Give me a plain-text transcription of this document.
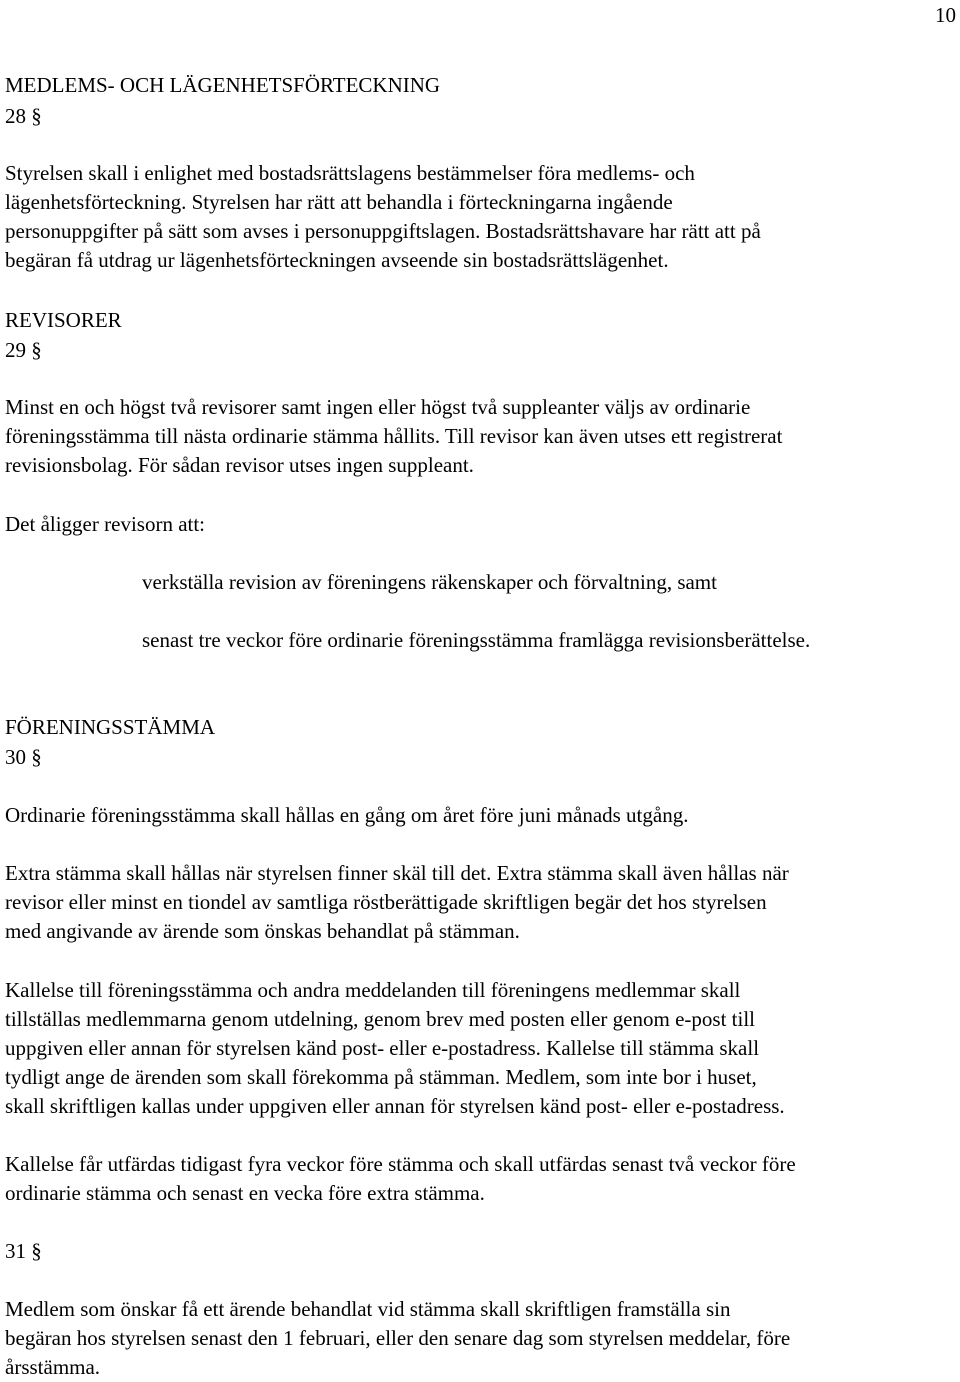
10
MEDLEMS- OCH LÄGENHETSFÖRTECKNING
28 §
Styrelsen skall i enlighet med bostadsrättslagens bestämmelser föra medlems- och
lägenhetsförteckning. Styrelsen har rätt att behandla i förteckningarna ingående
personuppgifter på sätt som avses i personuppgiftslagen. Bostadsrättshavare har rätt att på
begäran få utdrag ur lägenhetsförteckningen avseende sin bostadsrättslägenhet.
REVISORER
29 §
Minst en och högst två revisorer samt ingen eller högst två suppleanter väljs av ordinarie
föreningsstämma till nästa ordinarie stämma hållits. Till revisor kan även utses ett registrerat
revisionsbolag. För sådan revisor utses ingen suppleant.
Det åligger revisorn att:
verkställa revision av föreningens räkenskaper och förvaltning, samt
senast tre veckor före ordinarie föreningsstämma framlägga revisionsberättelse.
FÖRENINGSSTÄMMA
30 §
Ordinarie föreningsstämma skall hållas en gång om året före juni månads utgång.
Extra stämma skall hållas när styrelsen finner skäl till det. Extra stämma skall även hållas när
revisor eller minst en tiondel av samtliga röstberättigade skriftligen begär det hos styrelsen
med angivande av ärende som önskas behandlat på stämman.
Kallelse till föreningsstämma och andra meddelanden till föreningens medlemmar skall
tillställas medlemmarna genom utdelning, genom brev med posten eller genom e-post till
uppgiven eller annan för styrelsen känd post- eller e-postadress. Kallelse till stämma skall
tydligt ange de ärenden som skall förekomma på stämman. Medlem, som inte bor i huset,
skall skriftligen kallas under uppgiven eller annan för styrelsen känd post- eller e-postadress.
Kallelse får utfärdas tidigast fyra veckor före stämma och skall utfärdas senast två veckor före
ordinarie stämma och senast en vecka före extra stämma.
31 §
Medlem som önskar få ett ärende behandlat vid stämma skall skriftligen framställa sin
begäran hos styrelsen senast den 1 februari, eller den senare dag som styrelsen meddelar, före
årsstämma.
